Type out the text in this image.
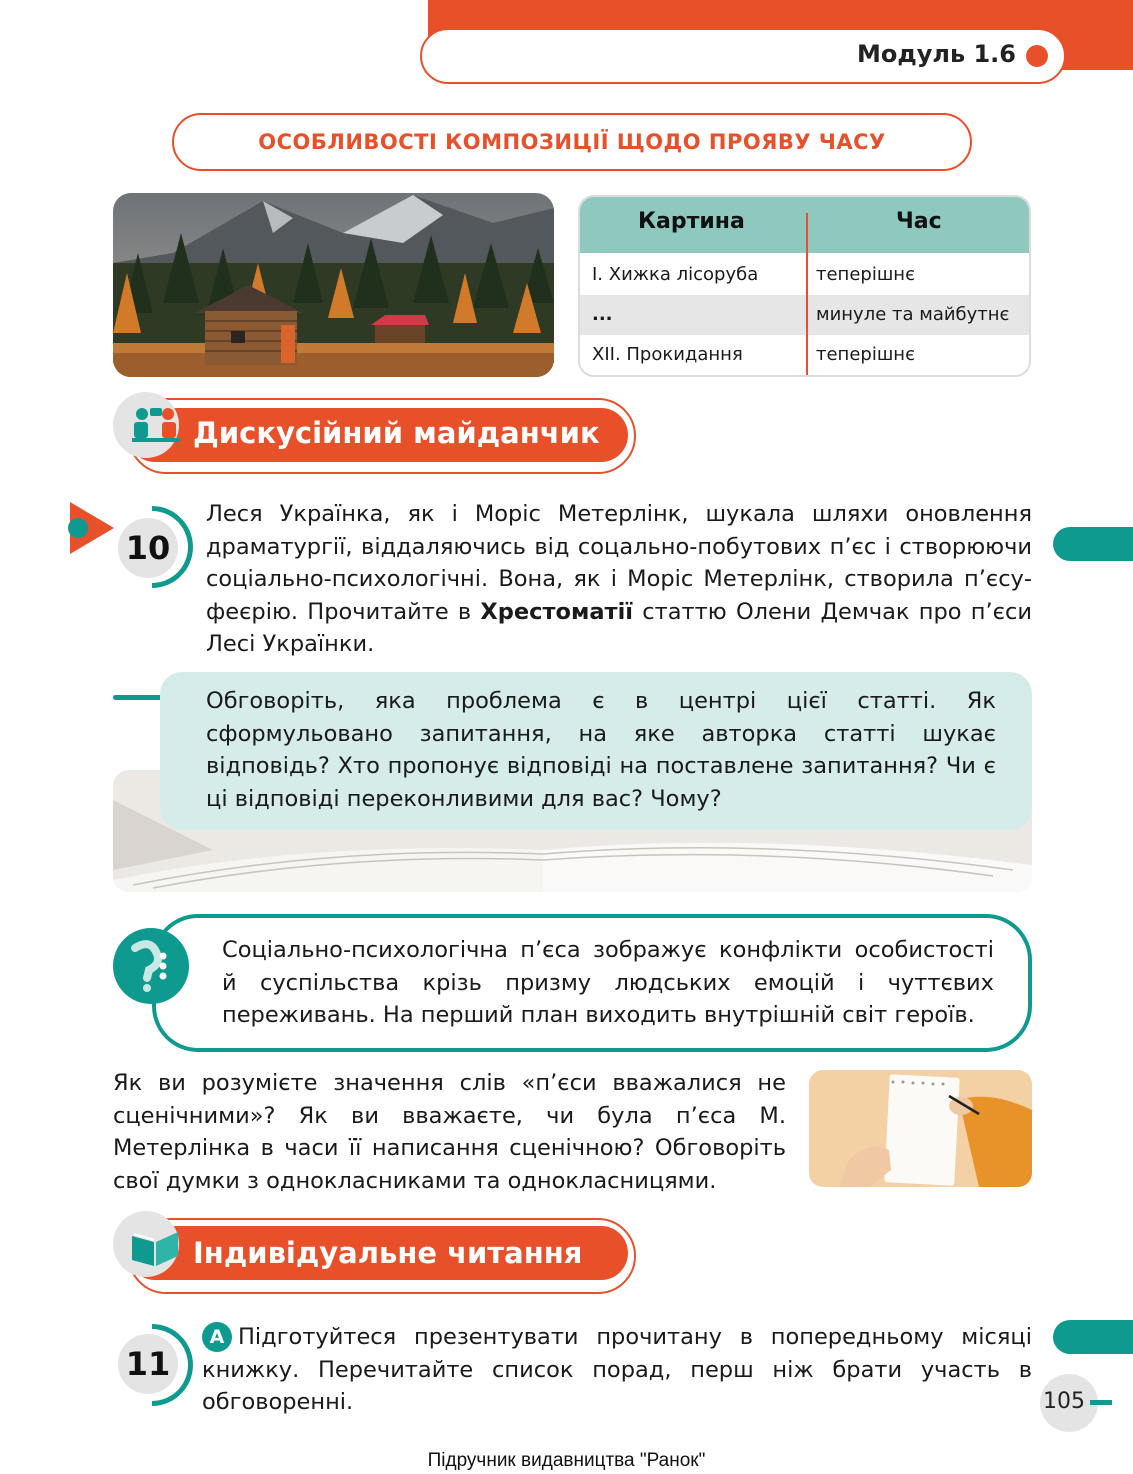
Модуль 1.6
ОСОБЛИВОСТІ КОМПОЗИЦІЇ ЩОДО ПРОЯВУ ЧАСУ
Картина	Час
I. Хижка лісоруба	теперішнє
...	минуле та майбутнє
XII. Прокидання	теперішнє
Дискусійний майданчик
10
Леся Українка, як і Моріс Метерлінк, шукала шляхи оновлення драматургії, віддаляючись від соцально-побутових п’єс і створюючи соціально-психологічні. Вона, як і Моріс Метерлінк, створила п’єсу-феєрію. Прочитайте в Хрестоматії статтю Олени Демчак про п’єси Лесі Українки.
Обговоріть, яка проблема є в центрі цієї статті. Як сформульовано запитання, на яке авторка статті шукає відповідь? Хто пропонує відповіді на поставлене запитання? Чи є ці відповіді переконливими для вас? Чому?
Соціально-психологічна п’єса зображує конфлікти особистості й суспільства крізь призму людських емоцій і чуттєвих переживань. На перший план виходить внутрішній світ героїв.
Як ви розумієте значення слів «п’єси вважалися не сценічними»? Як ви вважаєте, чи була п’єса М. Метерлінка в часи її написання сценічною? Обговоріть свої думки з однокласниками та однокласницями.
Індивідуальне читання
11
А Підготуйтеся презентувати прочитану в попередньому місяці книжку. Перечитайте список порад, перш ніж брати участь в обговоренні.	105
Підручник видавництва "Ранок"
